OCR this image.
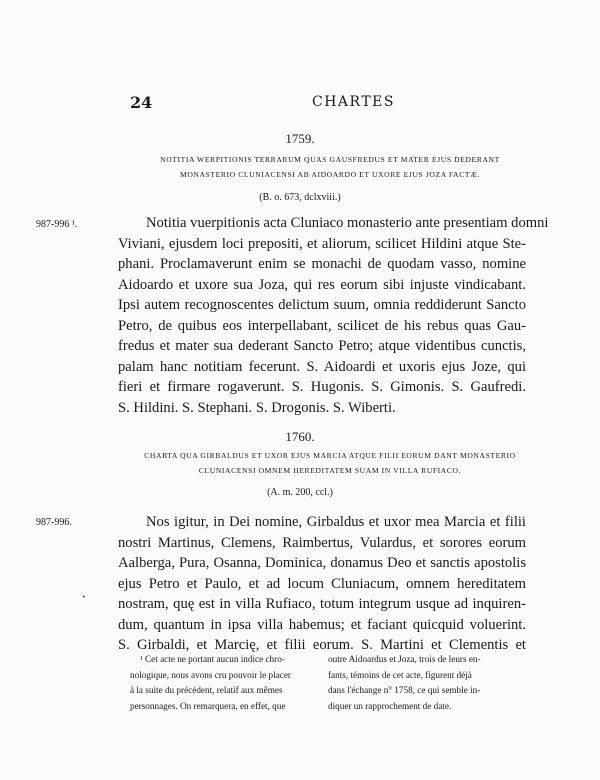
24	CHARTES
1759.
NOTITIA WERPITIONIS TERRARUM QUAS GAUSFREDUS ET MATER EJUS DEDERANT
MONASTERIO CLUNIACENSI AB AIDOARDO ET UXORE EJUS JOZA FACTÆ.
(B. o. 673, dclxviii.)
987-996 ¹.	Notitia vuerpitionis acta Cluniaco monasterio ante presentiam domni
Viviani, ejusdem loci prepositi, et aliorum, scilicet Hildini atque Ste-
phani. Proclamaverunt enim se monachi de quodam vasso, nomine
Aidoardo et uxore sua Joza, qui res eorum sibi injuste vindicabant.
Ipsi autem recognoscentes delictum suum, omnia reddiderunt Sancto
Petro, de quibus eos interpellabant, scilicet de his rebus quas Gau-
fredus et mater sua dederant Sancto Petro; atque videntibus cunctis,
palam hanc notitiam fecerunt. S. Aidoardi et uxoris ejus Joze, qui
fieri et firmare rogaverunt. S. Hugonis. S. Gimonis. S. Gaufredi.
S. Hildini. S. Stephani. S. Drogonis. S. Wiberti.
1760.
CHARTA QUA GIRBALDUS ET UXOR EJUS MARCIA ATQUE FILII EORUM DANT MONASTERIO
CLUNIACENSI OMNEM HEREDITATEM SUAM IN VILLA RUFIACO.
(A. m. 200, ccl.)
987-996.	Nos igitur, in Dei nomine, Girbaldus et uxor mea Marcia et filii
nostri Martinus, Clemens, Raimbertus, Vulardus, et sorores eorum
Aalberga, Pura, Osanna, Dominica, donamus Deo et sanctis apostolis
ejus Petro et Paulo, et ad locum Cluniacum, omnem hereditatem
nostram, quę est in villa Rufiaco, totum integrum usque ad inquiren-
dum, quantum in ipsa villa habemus; et faciant quicquid voluerint.
S. Girbaldi, et Marcię, et filii eorum. S. Martini et Clementis et
•
¹ Cet acte ne portant aucun indice chro-
nologique, nous avons cru pouvoir le placer
à la suite du précédent, relatif aux mêmes
personnages. On remarquera, en effet, que
outre Aidoardus et Joza, trois de leurs en-
fants, témoins de cet acte, figurent déjà
dans l'échange n° 1758, ce qui semble in-
diquer un rapprochement de date.
